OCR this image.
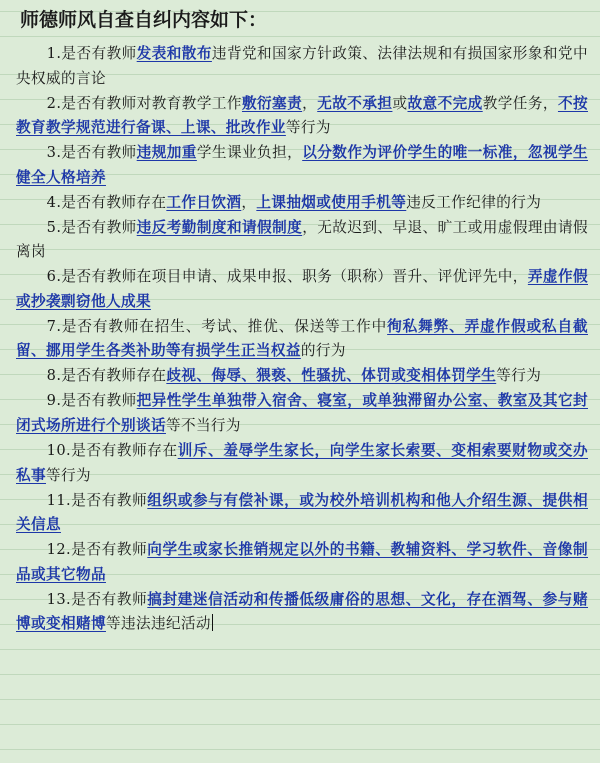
师德师风自查自纠内容如下：
1.是否有教师发表和散布违背党和国家方针政策、法律法规和有损国家形象和党中央权威的言论
2.是否有教师对教育教学工作敷衍塞责，无故不承担或故意不完成教学任务，不按教育教学规范进行备课、上课、批改作业等行为
3.是否有教师违规加重学生课业负担，以分数作为评价学生的唯一标准，忽视学生健全人格培养
4.是否有教师存在工作日饮酒，上课抽烟或使用手机等违反工作纪律的行为
5.是否有教师违反考勤制度和请假制度，无故迟到、早退、旷工或用虚假理由请假离岗
6.是否有教师在项目申请、成果申报、职务（职称）晋升、评优评先中，弄虚作假或抄袭剽窃他人成果
7.是否有教师在招生、考试、推优、保送等工作中徇私舞弊、弄虚作假或私自截留、挪用学生各类补助等有损学生正当权益的行为
8.是否有教师存在歧视、侮辱、猥亵、性骚扰、体罚或变相体罚学生等行为
9.是否有教师把异性学生单独带入宿舍、寝室，或单独滞留办公室、教室及其它封闭式场所进行个别谈话等不当行为
10.是否有教师存在训斥、羞辱学生家长，向学生家长索要、变相索要财物或交办私事等行为
11.是否有教师组织或参与有偿补课，或为校外培训机构和他人介绍生源、提供相关信息
12.是否有教师向学生或家长推销规定以外的书籍、教辅资料、学习软件、音像制品或其它物品
13.是否有教师搞封建迷信活动和传播低级庸俗的思想、文化，存在酒驾、参与赌博或变相赌博等违法违纪活动
